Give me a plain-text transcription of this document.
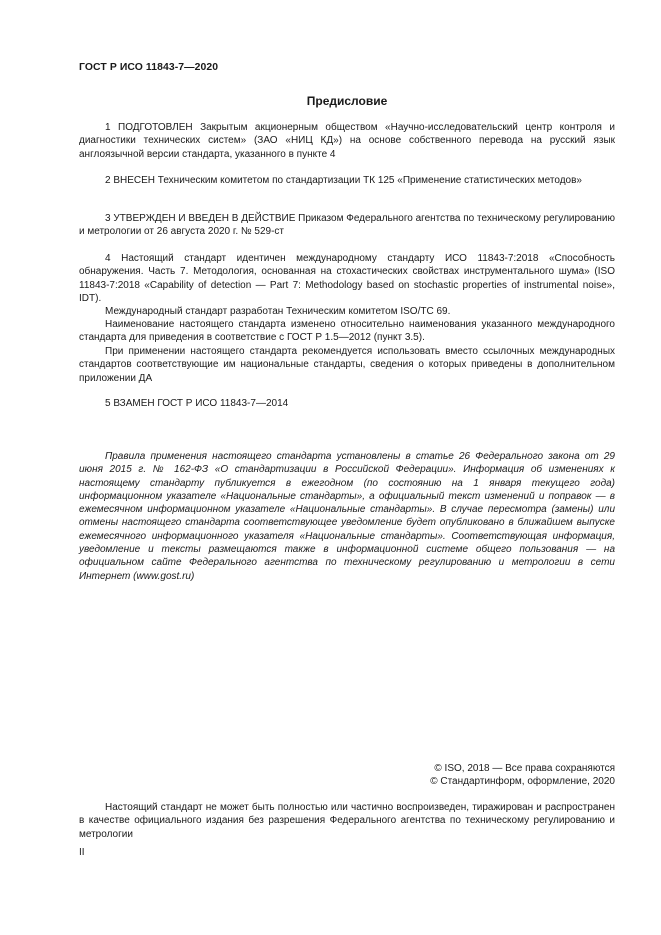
ГОСТ Р ИСО 11843-7—2020
Предисловие

1 ПОДГОТОВЛЕН Закрытым акционерным обществом «Научно-исследовательский центр контроля и диагностики технических систем» (ЗАО «НИЦ КД») на основе собственного перевода на русский язык англоязычной версии стандарта, указанного в пункте 4

2 ВНЕСЕН Техническим комитетом по стандартизации ТК 125 «Применение статистических методов»

3 УТВЕРЖДЕН И ВВЕДЕН В ДЕЙСТВИЕ Приказом Федерального агентства по техническому регулированию и метрологии от 26 августа 2020 г. № 529-ст

4 Настоящий стандарт идентичен международному стандарту ИСО 11843-7:2018 «Способность обнаружения. Часть 7. Методология, основанная на стохастических свойствах инструментального шума» (ISO 11843-7:2018 «Capability of detection — Part 7: Methodology based on stochastic properties of instrumental noise», IDT).

Международный стандарт разработан Техническим комитетом ISO/TC 69.

Наименование настоящего стандарта изменено относительно наименования указанного международного стандарта для приведения в соответствие с ГОСТ Р 1.5—2012 (пункт 3.5).

При применении настоящего стандарта рекомендуется использовать вместо ссылочных международных стандартов соответствующие им национальные стандарты, сведения о которых приведены в дополнительном приложении ДА

5 ВЗАМЕН ГОСТ Р ИСО 11843-7—2014

Правила применения настоящего стандарта установлены в статье 26 Федерального закона от 29 июня 2015 г. № 162-ФЗ «О стандартизации в Российской Федерации». Информация об изменениях к настоящему стандарту публикуется в ежегодном (по состоянию на 1 января текущего года) информационном указателе «Национальные стандарты», а официальный текст изменений и поправок — в ежемесячном информационном указателе «Национальные стандарты». В случае пересмотра (замены) или отмены настоящего стандарта соответствующее уведомление будет опубликовано в ближайшем выпуске ежемесячного информационного указателя «Национальные стандарты». Соответствующая информация, уведомление и тексты размещаются также в информационной системе общего пользования — на официальном сайте Федерального агентства по техническому регулированию и метрологии в сети Интернет (www.gost.ru)

© ISO, 2018 — Все права сохраняются
© Стандартинформ, оформление, 2020

Настоящий стандарт не может быть полностью или частично воспроизведен, тиражирован и распространен в качестве официального издания без разрешения Федерального агентства по техническому регулированию и метрологии

II
